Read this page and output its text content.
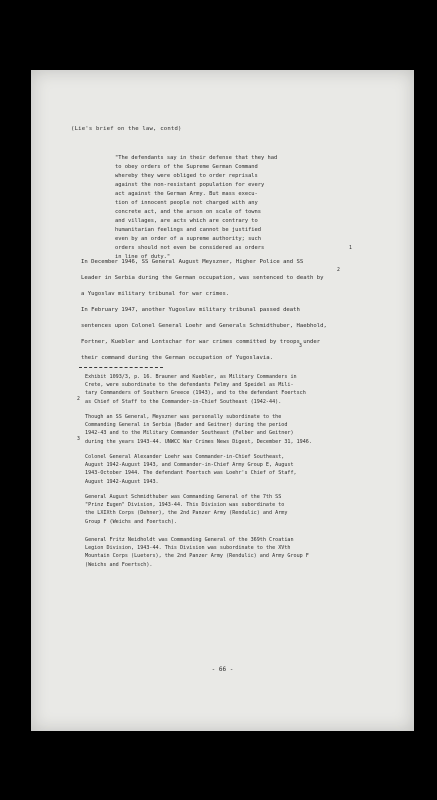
(Lie's brief on the law, contd)
"The defendants say in their defense that they had
to obey orders of the Supreme German Command
whereby they were obliged to order reprisals
against the non-resistant population for every
act against the German Army. But mass execu-
tion of innocent people not charged with any
concrete act, and the arson on scale of towns
and villages, are acts which are contrary to
humanitarian feelings and cannot be justified
even by an order of a supreme authority; such
orders should not even be considered as orders
in line of duty."
1
In December 1946, SS General August Meyszner, Higher Police and SS
Leader in Serbia during the German occupation, was sentenced to death by
a Yugoslav military tribunal for war crimes.
2
In February 1947, another Yugoslav military tribunal passed death
sentences upon Colonel General Loehr and Generals Schmidthuber, Haebhold,
Fortner, Kuebler and Lontschar for war crimes committed by troops under
their command during the German occupation of Yugoslavia.
3
2
3
Exhibit 1093/3, p. 16. Brauner and Kuebler, as Military Commanders in
Crete, were subordinate to the defendants Felmy and Speidel as Mili-
tary Commanders of Southern Greece (1943), and to the defendant Foertsch
as Chief of Staff to the Commander-in-Chief Southeast (1942-44).
Though an SS General, Meyszner was personally subordinate to the
Commanding General in Serbia (Bader and Geitner) during the period
1942-43 and to the Military Commander Southeast (Felber and Geitner)
during the years 1943-44. UNWCC War Crimes News Digest, December 31, 1946.
Colonel General Alexander Loehr was Commander-in-Chief Southeast,
August 1942-August 1943, and Commander-in-Chief Army Group E, August
1943-October 1944. The defendant Foertsch was Loehr's Chief of Staff,
August 1942-August 1943.
General August Schmidthuber was Commanding General of the 7th SS
"Prinz Eugen" Division, 1943-44. This Division was subordinate to
the LXIXth Corps (Dehner), the 2nd Panzer Army (Rendulic) and Army
Group F (Weichs and Foertsch).
General Fritz Neidholdt was Commanding General of the 369th Croatian
Legion Division, 1943-44. This Division was subordinate to the XVth
Mountain Corps (Lueters), the 2nd Panzer Army (Rendulic) and Army Group F
(Weichs and Foertsch).
- 66 -
